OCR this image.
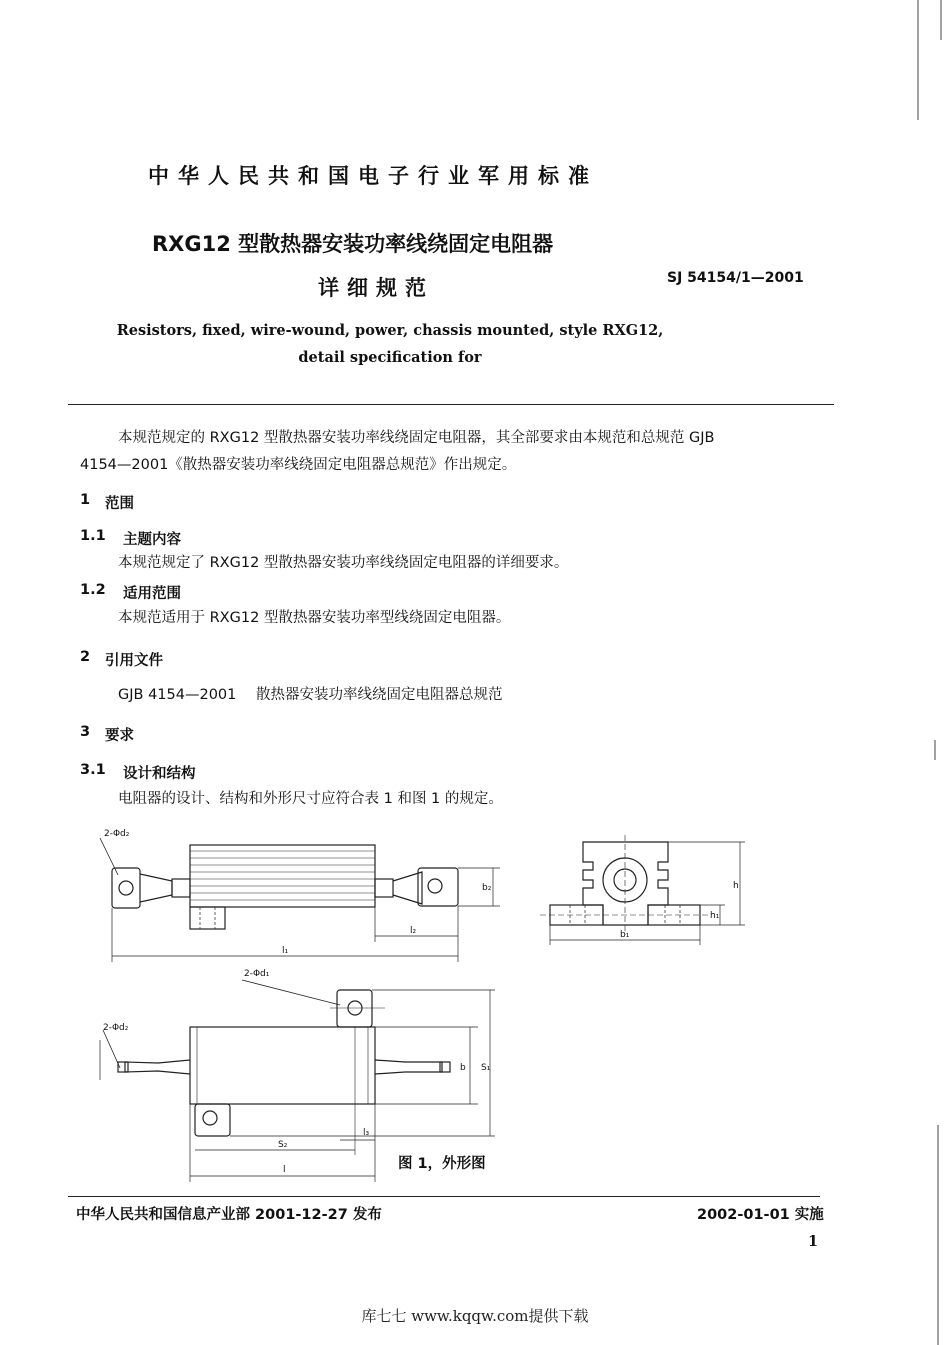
中华人民共和国电子行业军用标准
RXG12 型散热器安装功率线绕固定电阻器
详细规范	SJ 54154/1—2001
Resistors, fixed, wire-wound, power, chassis mounted, style RXG12,
detail specification for
本规范规定的 RXG12 型散热器安装功率线绕固定电阻器，其全部要求由本规范和总规范 GJB
4154—2001《散热器安装功率线绕固定电阻器总规范》作出规定。
1 范围
1.1 主题内容
本规范规定了 RXG12 型散热器安装功率线绕固定电阻器的详细要求。
1.2 适用范围
本规范适用于 RXG12 型散热器安装功率型线绕固定电阻器。
2 引用文件
GJB 4154—2001 散热器安装功率线绕固定电阻器总规范
3 要求
3.1 设计和结构
电阻器的设计、结构和外形尺寸应符合表 1 和图 1 的规定。
2-Φd₂
b₂
l₁
l₂
h
h₁
b₁
2-Φd₁
2-Φd₂
b S₁
S₂
l₃
l	图 1，外形图
中华人民共和国信息产业部 2001-12-27 发布	2002-01-01 实施
1
库七七 www.kqqw.com提供下载
